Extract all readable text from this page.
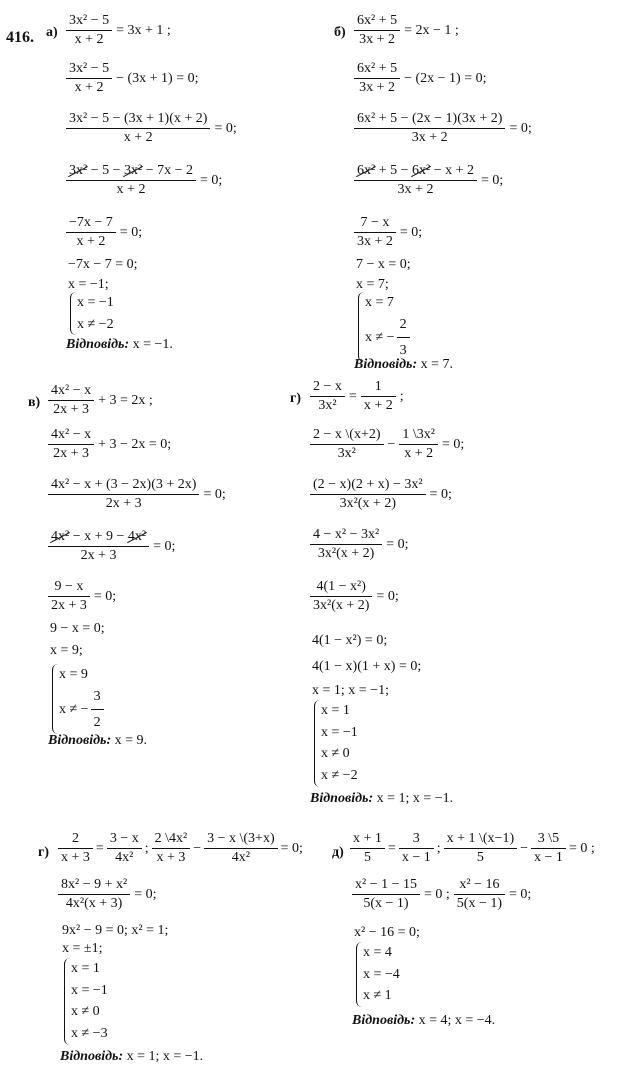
416. $а) \frac{\text{3x² − 5}}{x + 2} = 3x + 1$ ;
$\frac{\text{3x² − 5}}{x + 2} - (3x + 1) = 0$;
$\frac{\text{3x² − 5 − (3x + 1)(x + 2)}}{x + 2} = 0$;
$\frac{\text{3x² − 5 − 3x² − 7x − 2}}{x + 2} = 0$;
$\frac{-7x - 7}{x + 2} = 0$;
−7x − 7 = 0;
x = −1;
x = −1
x ≠ −2
Відповідь: x = −1.
$б) \frac{\text{6x² + 5}}{3x + 2} = 2x - 1$ ;
$\frac{\text{6x² + 5}}{3x + 2} - (2x - 1) = 0$;
$\frac{\text{6x² + 5 − (2x − 1)(3x + 2)}}{3x + 2} = 0$;
$\frac{\text{6x² + 5 − 6x² − x + 2}}{3x + 2} = 0$;
$\frac{7 - x}{3x + 2} = 0$;
7 − x = 0;
x = 7;
x = 7
x ≠ − $\frac{2}{3}$
Відповідь: x = 7.
$в) \frac{\text{4x² − x}}{2x + 3} + 3 = 2x$ ;
$\frac{\text{4x² − x}}{2x + 3} + 3 - 2x = 0$;
$\frac{\text{4x² − x + (3 − 2x)(3 + 2x)}}{2x + 3} = 0$;
$\frac{\text{4x² − x + 9 − 4x²}}{2x + 3} = 0$;
$\frac{9 - x}{2x + 3} = 0$;
9 − x = 0;
x = 9;
x = 9
x ≠ − $\frac{3}{2}$
Відповідь: x = 9.
$г) \frac{2 - x}{\text{3x²}} = \frac{1}{x + 2}$ ;
$\frac{2 - x \backslash(x+2)}{\text{3x²}} - \frac{\text{1 \textbackslash{}3x²}}{x + 2} = 0$;
$\frac{\text{(2 − x)(2 + x) − 3x²}}{\text{3x²(x + 2)}} = 0$;
$\frac{\text{4 − x² − 3x²}}{\text{3x²(x + 2)}} = 0$;
$\frac{\text{4(1 − x²)}}{\text{3x²(x + 2)}} = 0$;
4(1 − x²) = 0;
4(1 − x)(1 + x) = 0;
x = 1; x = −1;
x = 1
x = −1
x ≠ 0
x ≠ −2
Відповідь: x = 1; x = −1.
$г) \frac{2}{x + 3} = \frac{3 - x}{\text{4x²}}$ ; $\frac{\text{2 \textbackslash{}4x²}}{x + 3} - \frac{3 - x \backslash(3+x)}{\text{4x²}} = 0$;
$\frac{\text{8x² − 9 + x²}}{\text{4x²(x + 3)}} = 0$;
9x² − 9 = 0; x² = 1;
x = ±1;
x = 1
x = −1
x ≠ 0
x ≠ −3
Відповідь: x = 1; x = −1.
$д) \frac{x + 1}{5} = \frac{3}{x - 1}$ ; $\frac{x + 1 \backslash(x-1)}{5} - \frac{3 \backslash 5}{x - 1} = 0$ ;
$\frac{\text{x² − 1 − 15}}{5(x - 1)} = 0$ ; $\frac{\text{x² − 16}}{5(x - 1)} = 0$;
x² − 16 = 0;
x = 4
x = −4
x ≠ 1
Відповідь: x = 4; x = −4.
